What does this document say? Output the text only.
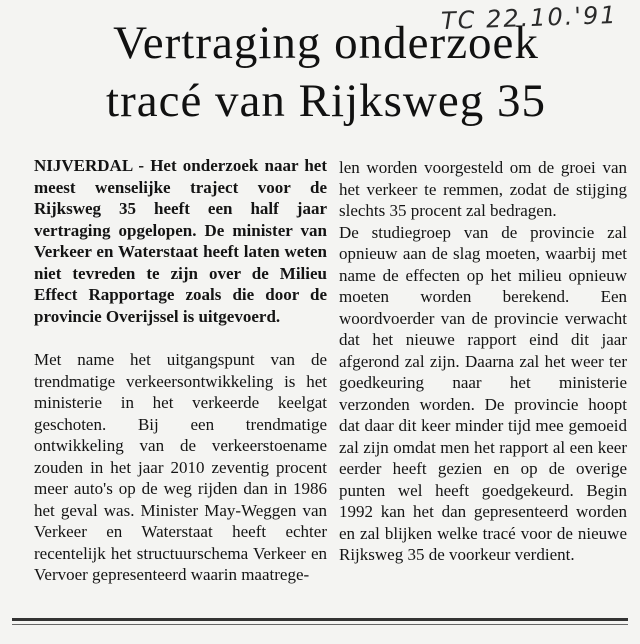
TC 22.10.'91
Vertraging onderzoek
tracé van Rijksweg 35

NIJVERDAL - Het onderzoek naar het meest wenselijke traject voor de Rijksweg 35 heeft een half jaar vertraging opgelopen. De minister van Verkeer en Waterstaat heeft laten weten niet tevreden te zijn over de Milieu Effect Rapportage zoals die door de provincie Overijssel is uitgevoerd.

Met name het uitgangspunt van de trendmatige verkeersontwikkeling is het ministerie in het verkeerde keelgat geschoten. Bij een trendmatige ontwikkeling van de verkeerstoename zouden in het jaar 2010 zeventig procent meer auto's op de weg rijden dan in 1986 het geval was. Minister May-Weggen van Verkeer en Waterstaat heeft echter recentelijk het structuurschema Verkeer en Vervoer gepresenteerd waarin maatrege-

len worden voorgesteld om de groei van het verkeer te remmen, zodat de stijging slechts 35 procent zal bedragen.

De studiegroep van de provincie zal opnieuw aan de slag moeten, waarbij met name de effecten op het milieu opnieuw moeten worden berekend. Een woordvoerder van de provincie verwacht dat het nieuwe rapport eind dit jaar afgerond zal zijn. Daarna zal het weer ter goedkeuring naar het ministerie verzonden worden. De provincie hoopt dat daar dit keer minder tijd mee gemoeid zal zijn omdat men het rapport al een keer eerder heeft gezien en op de overige punten wel heeft goedgekeurd. Begin 1992 kan het dan gepresenteerd worden en zal blijken welke tracé voor de nieuwe Rijksweg 35 de voorkeur verdient.
